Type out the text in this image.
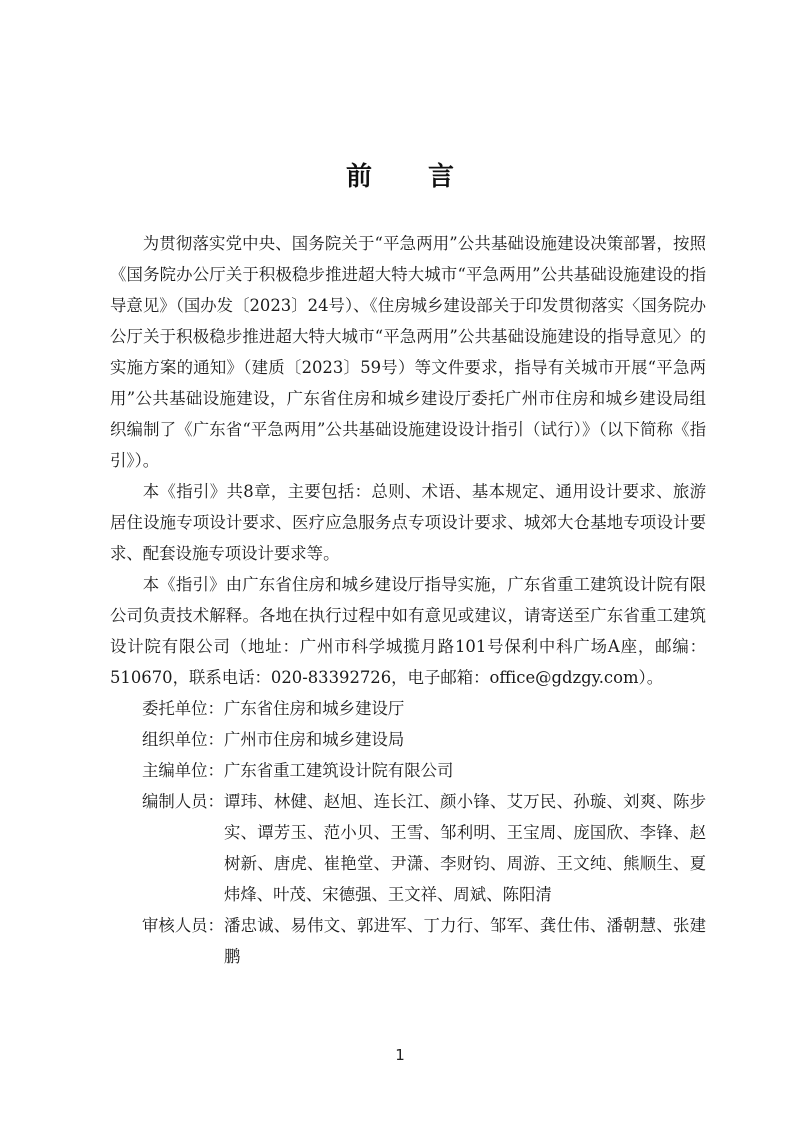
前 言

为贯彻落实党中央、国务院关于“平急两用”公共基础设施建设决策部署，按照《国务院办公厅关于积极稳步推进超大特大城市“平急两用”公共基础设施建设的指导意见》（国办发〔2023〕24号）、《住房城乡建设部关于印发贯彻落实〈国务院办公厅关于积极稳步推进超大特大城市“平急两用”公共基础设施建设的指导意见〉的实施方案的通知》（建质〔2023〕59号）等文件要求，指导有关城市开展“平急两用”公共基础设施建设，广东省住房和城乡建设厅委托广州市住房和城乡建设局组织编制了《广东省“平急两用”公共基础设施建设设计指引（试行）》（以下简称《指引》）。

本《指引》共8章，主要包括：总则、术语、基本规定、通用设计要求、旅游居住设施专项设计要求、医疗应急服务点专项设计要求、城郊大仓基地专项设计要求、配套设施专项设计要求等。

本《指引》由广东省住房和城乡建设厅指导实施，广东省重工建筑设计院有限公司负责技术解释。各地在执行过程中如有意见或建议，请寄送至广东省重工建筑设计院有限公司（地址：广州市科学城揽月路101号保利中科广场A座，邮编：510670，联系电话：020-83392726，电子邮箱：office@gdzgy.com）。

委托单位：广东省住房和城乡建设厅

组织单位：广州市住房和城乡建设局

主编单位：广东省重工建筑设计院有限公司

编制人员： 谭玮、林健、赵旭、连长江、颜小锋、艾万民、孙璇、刘爽、陈步实、谭芳玉、范小贝、王雪、邹利明、王宝周、庞国欣、李锋、赵树新、唐虎、崔艳堂、尹潇、李财钧、周游、王文纯、熊顺生、夏炜烽、叶茂、宋德强、王文祥、周斌、陈阳清
审核人员： 潘忠诚、易伟文、郭进军、丁力行、邹军、龚仕伟、潘朝慧、张建鹏
1
